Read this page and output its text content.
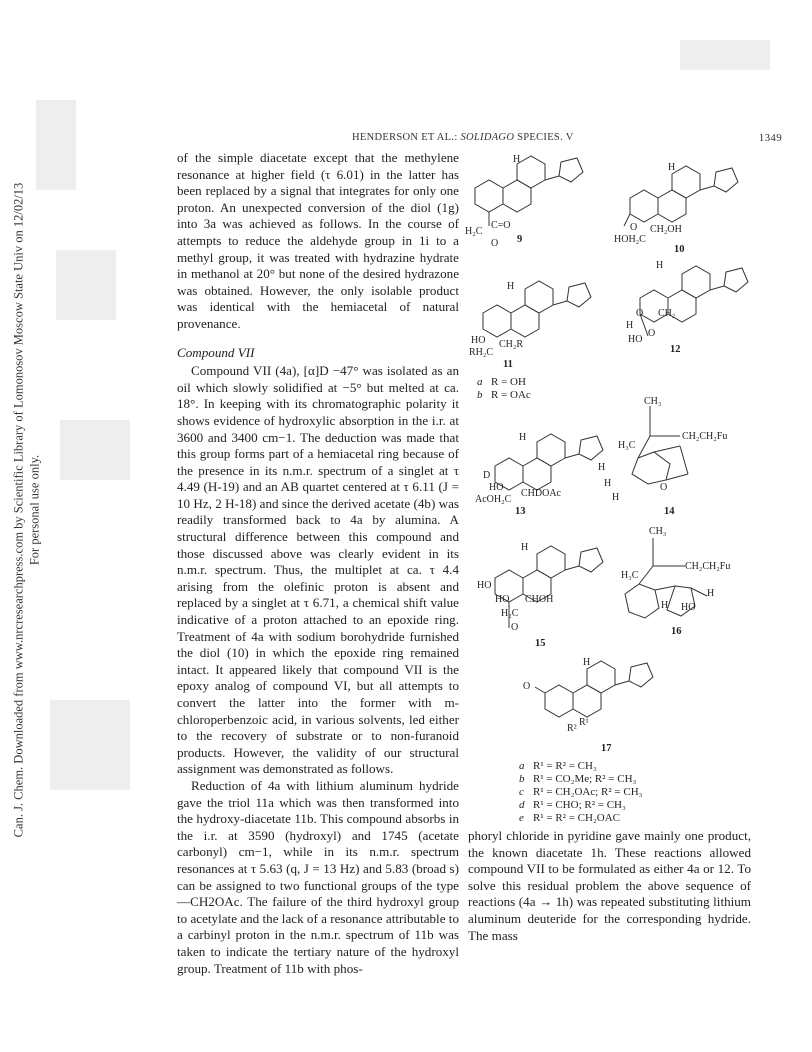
Can. J. Chem. Downloaded from www.nrcresearchpress.com by Scientific Library of Lomonosov Moscow State Univ on 12/02/13 For personal use only.
HENDERSON ET AL.: SOLIDAGO SPECIES. V	1349

of the simple diacetate except that the methylene resonance at higher field (τ 6.01) in the latter has been replaced by a signal that integrates for only one proton. An unexpected conversion of the diol (1g) into 3a was achieved as follows. In the course of attempts to reduce the aldehyde group in 1i to a methyl group, it was treated with hydrazine hydrate in methanol at 20° but none of the desired hydrazone was obtained. However, the only isolable product was identical with the hemiacetal of natural provenance.

Compound VII

Compound VII (4a), [α]D −47° was isolated as an oil which slowly solidified at −5° but melted at ca. 18°. In keeping with its chromatographic polarity it shows evidence of hydroxylic absorption in the i.r. at 3600 and 3400 cm−1. The deduction was made that this group forms part of a hemiacetal ring because of the presence in its n.m.r. spectrum of a singlet at τ 4.49 (H-19) and an AB quartet centered at τ 6.11 (J = 10 Hz, 2 H-18) and since the derived acetate (4b) was readily transformed back to 4a by alumina. A structural difference between this compound and those discussed above was clearly evident in its n.m.r. spectrum. Thus, the multiplet at ca. τ 4.4 arising from the olefinic proton is absent and replaced by a singlet at τ 6.71, a chemical shift value indicative of a proton attached to an epoxide ring. Treatment of 4a with sodium borohydride furnished the diol (10) in which the epoxide ring remained intact. It appeared likely that compound VII is the epoxy analog of compound VI, but all attempts to convert the latter into the former with m-chloroperbenzoic acid, in various solvents, led either to the recovery of substrate or to non-furanoid products. However, the validity of our structural assignment was demonstrated as follows.

Reduction of 4a with lithium aluminum hydride gave the triol 11a which was then transformed into the hydroxy-diacetate 11b. This compound absorbs in the i.r. at 3590 (hydroxyl) and 1745 (acetate carbonyl) cm−1, while in its n.m.r. spectrum resonances at τ 5.63 (q, J = 13 Hz) and 5.83 (broad s) can be assigned to two functional groups of the type —CH2OAc. The failure of the third hydroxyl group to acetylate and the lack of a resonance attributable to a carbinyl proton in the n.m.r. spectrum of 11b was taken to indicate the tertiary nature of the hydroxyl group. Treatment of 11b with phos-

phoryl chloride in pyridine gave mainly one product, the known diacetate 1h. These reactions allowed compound VII to be formulated as either 4a or 12. To solve this residual problem the above sequence of reactions (4a → 1h) was repeated substituting lithium aluminum deuteride for the corresponding hydride. The mass

H
H₂C
C=O
O 9
H
O
HOH₂C
CH₂OH
10
H
HO
RH₂C
CH₂R
11
a R = OH
b R = OAc
H
O CH₂
H
HO
O
12
H
D
HO
AcOH₂C
CHDOAc
13
CH₃
H₃C
CH₂CH₂Fu
H
H
H
O
14
H
HO
HO CHOH
H₂C
O
15
CH₃
H₃C
CH₂CH₂Fu
H HO
H
16
H
O
R²
R¹
17
a R¹ = R² = CH₃
b R¹ = CO₂Me; R² = CH₃
c R¹ = CH₂OAc; R² = CH₃
d R¹ = CHO; R² = CH₃
e R¹ = R² = CH₂OAC
